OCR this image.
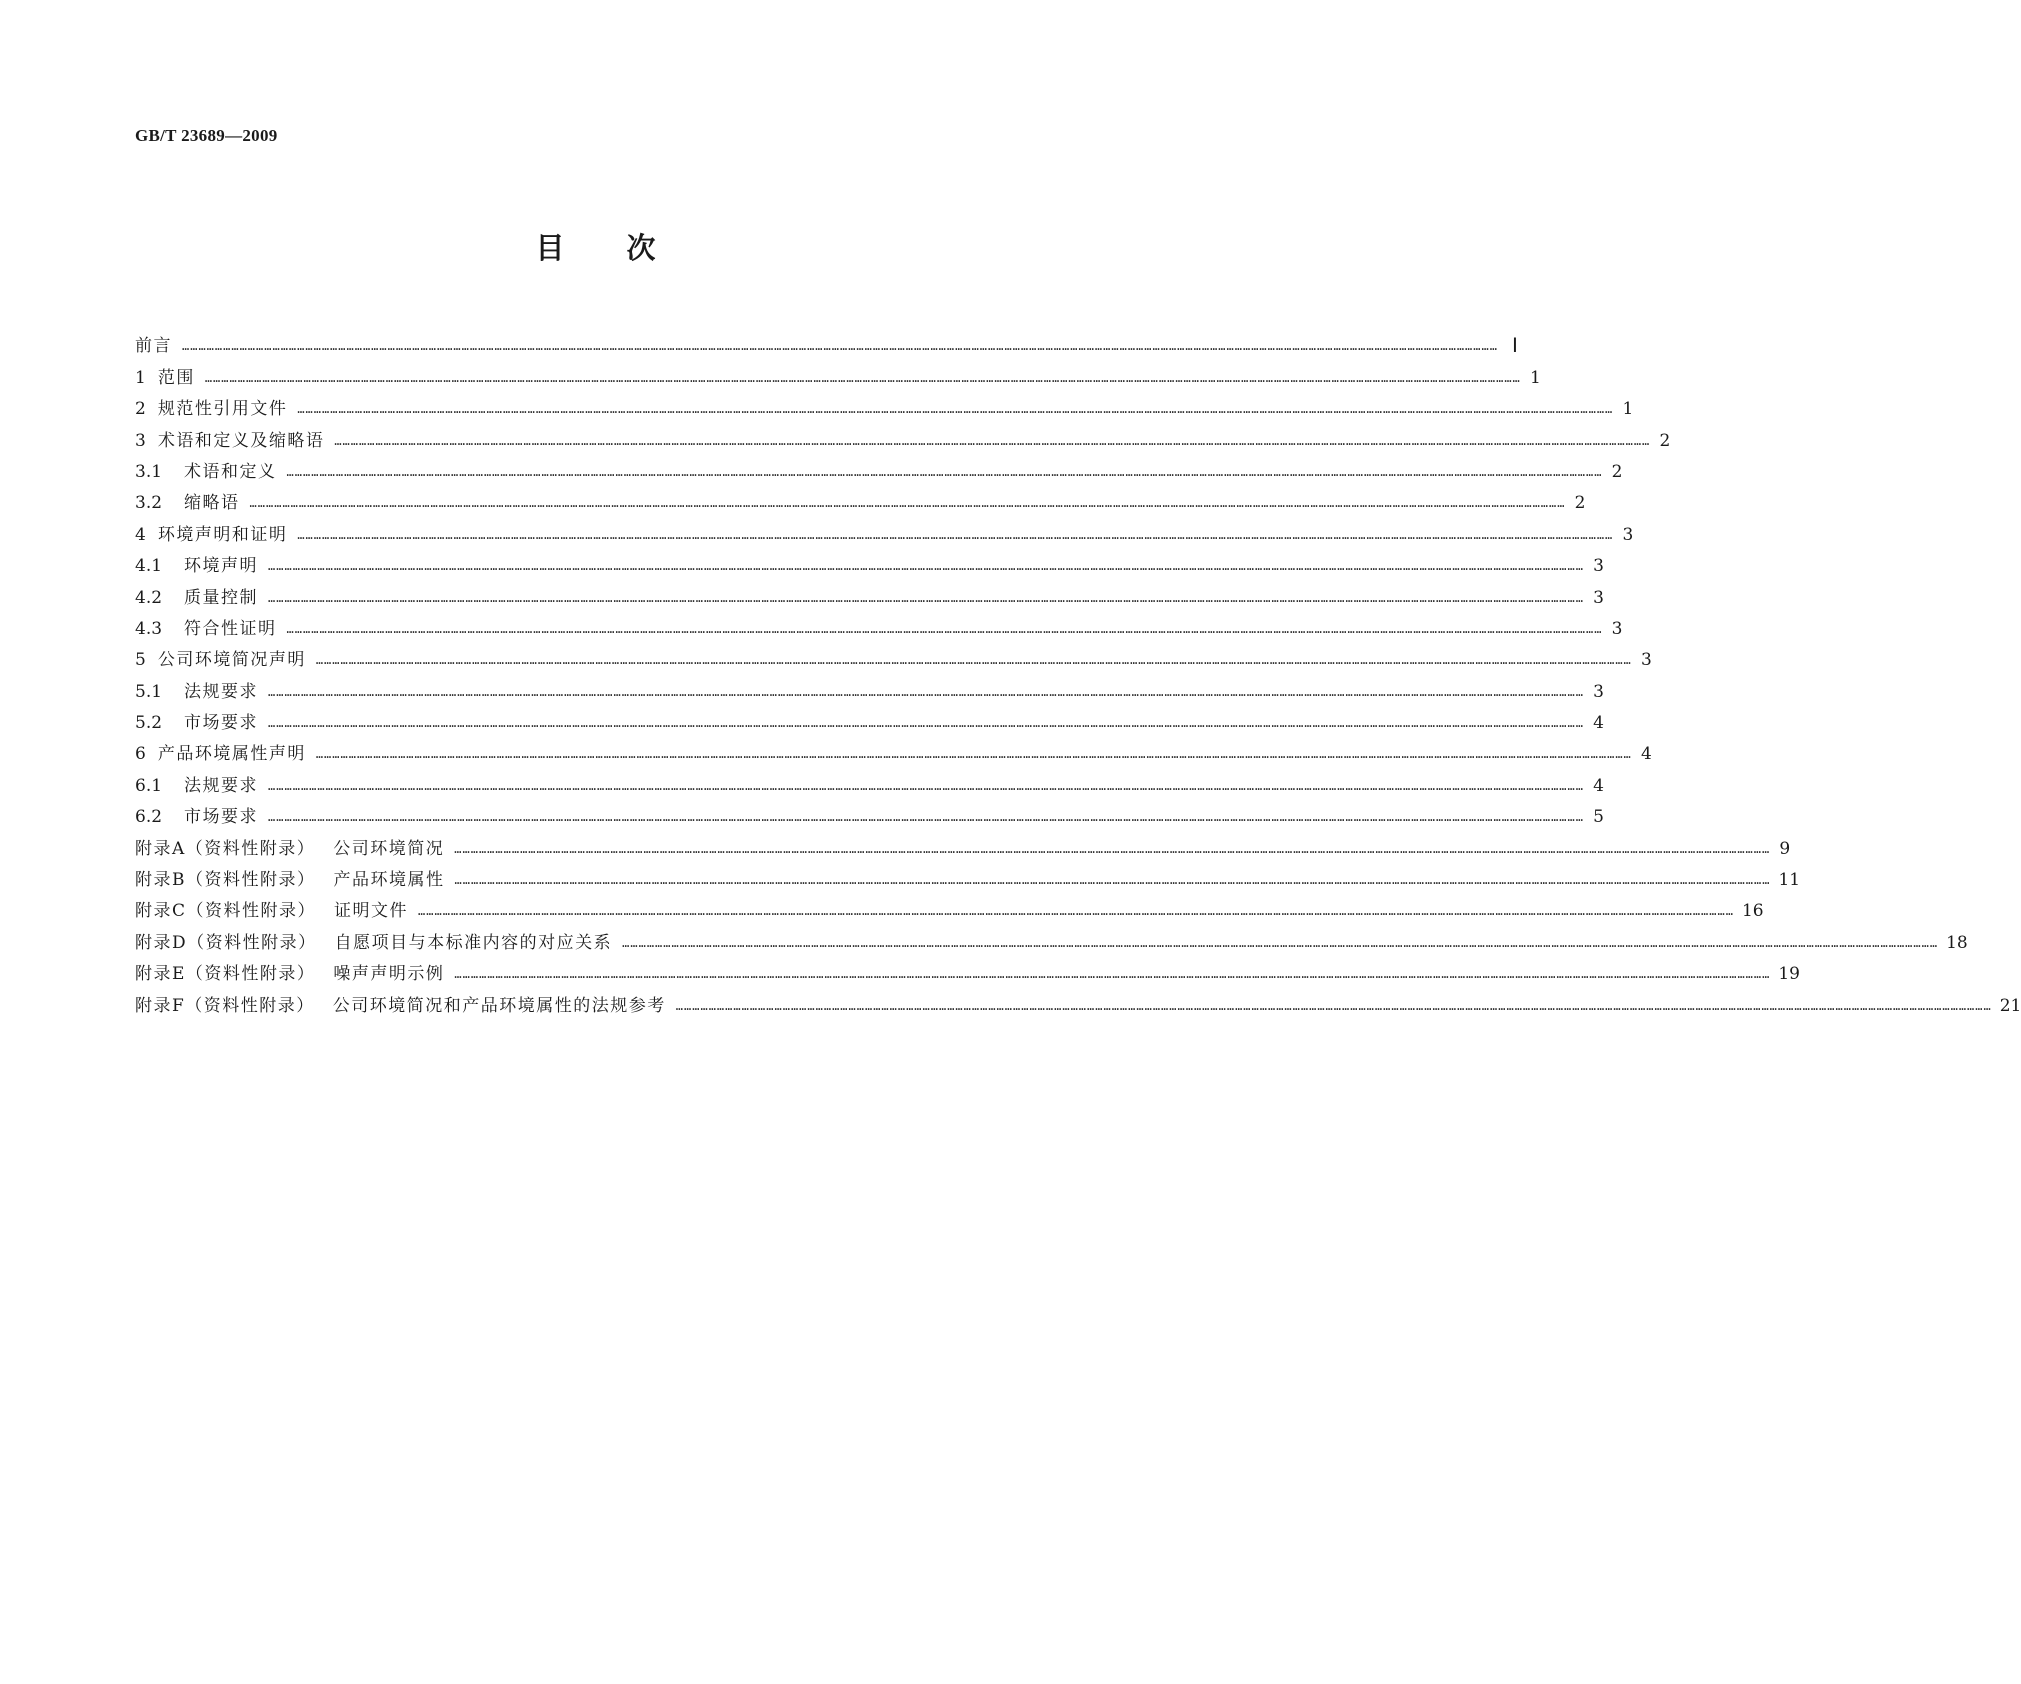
GB/T 23689—2009
目次
前言 ………………………………………………………………………………………………………………………………………………………………………………………………………………………………………………………………………………………………………………………………………………………………………………………………………………………………………… Ⅰ
1 范围 ………………………………………………………………………………………………………………………………………………………………………………………………………………………………………………………………………………………………………………………………………………………………………………………………………………………………………… 1
2 规范性引用文件 ………………………………………………………………………………………………………………………………………………………………………………………………………………………………………………………………………………………………………………………………………………………………………………………………………………………………………… 1
3 术语和定义及缩略语 ………………………………………………………………………………………………………………………………………………………………………………………………………………………………………………………………………………………………………………………………………………………………………………………………………………………………………… 2
3.1 术语和定义 ………………………………………………………………………………………………………………………………………………………………………………………………………………………………………………………………………………………………………………………………………………………………………………………………………………………………………… 2
3.2 缩略语 ………………………………………………………………………………………………………………………………………………………………………………………………………………………………………………………………………………………………………………………………………………………………………………………………………………………………………… 2
4 环境声明和证明 ………………………………………………………………………………………………………………………………………………………………………………………………………………………………………………………………………………………………………………………………………………………………………………………………………………………………………… 3
4.1 环境声明 ………………………………………………………………………………………………………………………………………………………………………………………………………………………………………………………………………………………………………………………………………………………………………………………………………………………………………… 3
4.2 质量控制 ………………………………………………………………………………………………………………………………………………………………………………………………………………………………………………………………………………………………………………………………………………………………………………………………………………………………………… 3
4.3 符合性证明 ………………………………………………………………………………………………………………………………………………………………………………………………………………………………………………………………………………………………………………………………………………………………………………………………………………………………………… 3
5 公司环境简况声明 ………………………………………………………………………………………………………………………………………………………………………………………………………………………………………………………………………………………………………………………………………………………………………………………………………………………………………… 3
5.1 法规要求 ………………………………………………………………………………………………………………………………………………………………………………………………………………………………………………………………………………………………………………………………………………………………………………………………………………………………………… 3
5.2 市场要求 ………………………………………………………………………………………………………………………………………………………………………………………………………………………………………………………………………………………………………………………………………………………………………………………………………………………………………… 4
6 产品环境属性声明 ………………………………………………………………………………………………………………………………………………………………………………………………………………………………………………………………………………………………………………………………………………………………………………………………………………………………………… 4
6.1 法规要求 ………………………………………………………………………………………………………………………………………………………………………………………………………………………………………………………………………………………………………………………………………………………………………………………………………………………………………… 4
6.2 市场要求 ………………………………………………………………………………………………………………………………………………………………………………………………………………………………………………………………………………………………………………………………………………………………………………………………………………………………………… 5
附录A（资料性附录） 公司环境简况 ………………………………………………………………………………………………………………………………………………………………………………………………………………………………………………………………………………………………………………………………………………………………………………………………………………………………………… 9
附录B（资料性附录） 产品环境属性 ………………………………………………………………………………………………………………………………………………………………………………………………………………………………………………………………………………………………………………………………………………………………………………………………………………………………………… 11
附录C（资料性附录） 证明文件 ………………………………………………………………………………………………………………………………………………………………………………………………………………………………………………………………………………………………………………………………………………………………………………………………………………………………………… 16
附录D（资料性附录） 自愿项目与本标准内容的对应关系 ………………………………………………………………………………………………………………………………………………………………………………………………………………………………………………………………………………………………………………………………………………………………………………………………………………………………………… 18
附录E（资料性附录） 噪声声明示例 ………………………………………………………………………………………………………………………………………………………………………………………………………………………………………………………………………………………………………………………………………………………………………………………………………………………………………… 19
附录F（资料性附录） 公司环境简况和产品环境属性的法规参考 ………………………………………………………………………………………………………………………………………………………………………………………………………………………………………………………………………………………………………………………………………………………………………………………………………………………………………… 21
